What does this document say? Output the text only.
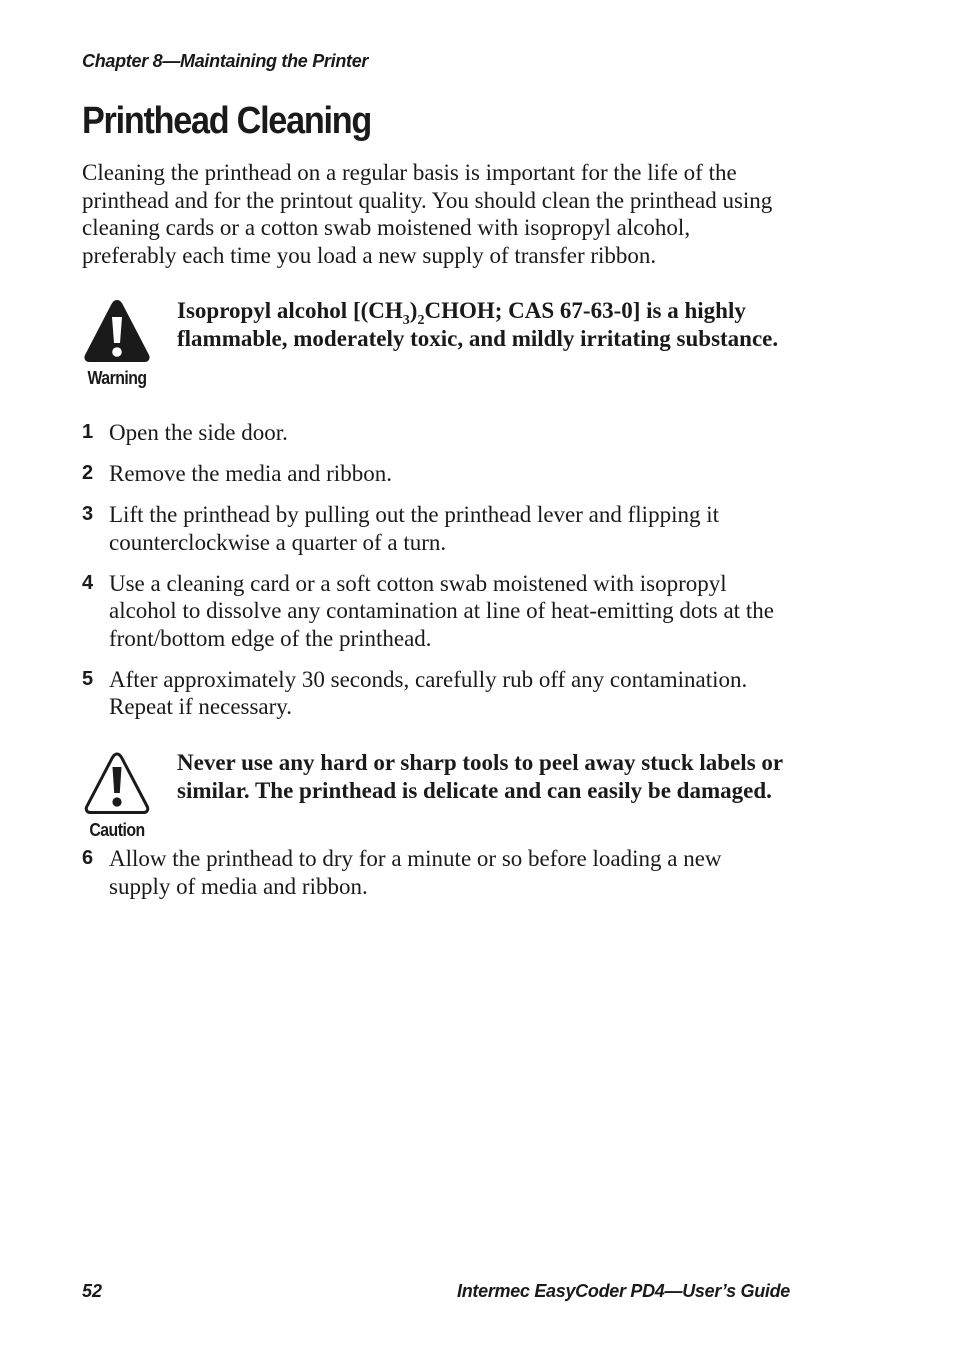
Chapter 8—Maintaining the Printer
Printhead Cleaning

Cleaning the printhead on a regular basis is important for the life of the printhead and for the printout quality. You should clean the printhead using cleaning cards or a cotton swab moistened with isopropyl alcohol, preferably each time you load a new supply of transfer ribbon.

Warning

Isopropyl alcohol [$(CH_3)_2CHOH$; CAS 67-63-0] is a highly flammable, moderately toxic, and mildly irritating substance.

1 Open the side door.
2 Remove the media and ribbon.
3 Lift the printhead by pulling out the printhead lever and flipping it counterclockwise a quarter of a turn.
4 Use a cleaning card or a soft cotton swab moistened with isopropyl alcohol to dissolve any contamination at line of heat-emitting dots at the front/bottom edge of the printhead.
5 After approximately 30 seconds, carefully rub off any contamination. Repeat if necessary.
Caution

Never use any hard or sharp tools to peel away stuck labels or similar. The printhead is delicate and can easily be damaged.

6 Allow the printhead to dry for a minute or so before loading a new supply of media and ribbon.
52	Intermec EasyCoder PD4—User’s Guide
